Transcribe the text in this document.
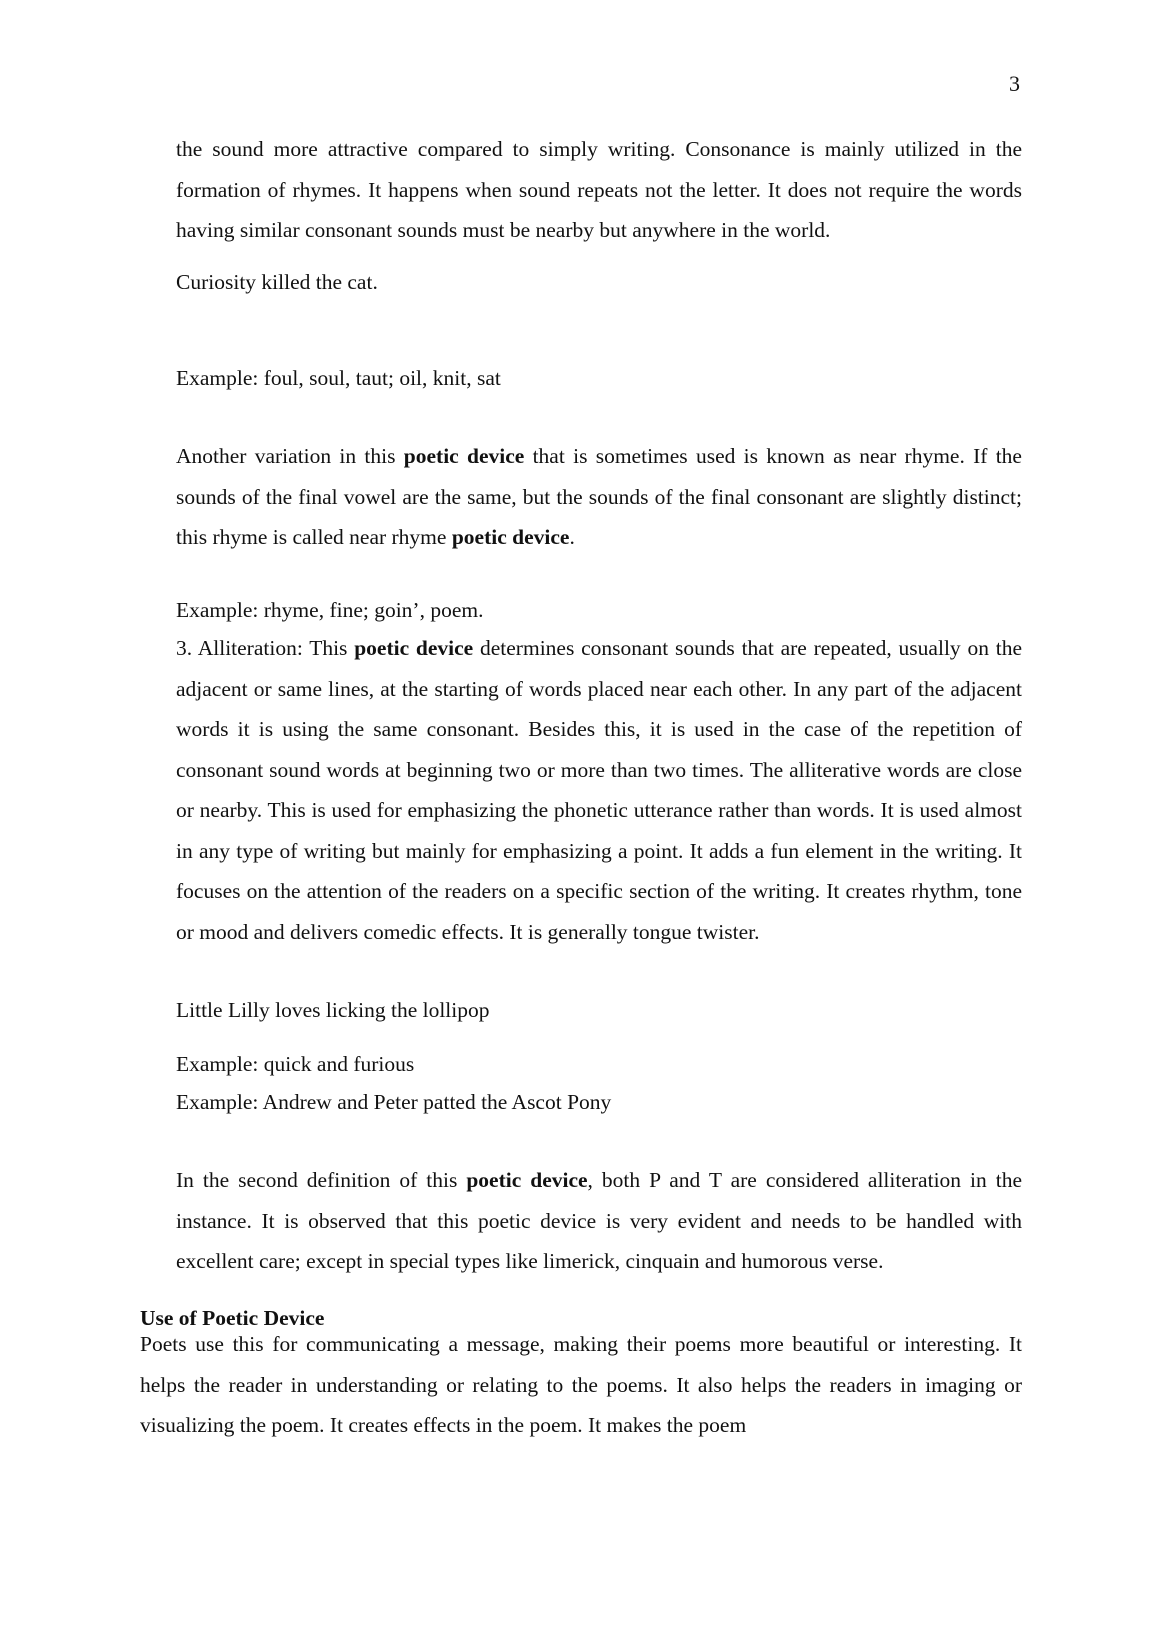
3

the sound more attractive compared to simply writing. Consonance is mainly utilized in the formation of rhymes. It happens when sound repeats not the letter. It does not require the words having similar consonant sounds must be nearby but anywhere in the world.

Curiosity killed the cat.

Example: foul, soul, taut; oil, knit, sat

Another variation in this poetic device that is sometimes used is known as near rhyme. If the sounds of the final vowel are the same, but the sounds of the final consonant are slightly distinct; this rhyme is called near rhyme poetic device.

Example: rhyme, fine; goin’, poem.

3. Alliteration: This poetic device determines consonant sounds that are repeated, usually on the adjacent or same lines, at the starting of words placed near each other. In any part of the adjacent words it is using the same consonant. Besides this, it is used in the case of the repetition of consonant sound words at beginning two or more than two times. The alliterative words are close or nearby. This is used for emphasizing the phonetic utterance rather than words. It is used almost in any type of writing but mainly for emphasizing a point. It adds a fun element in the writing. It focuses on the attention of the readers on a specific section of the writing. It creates rhythm, tone or mood and delivers comedic effects. It is generally tongue twister.

Little Lilly loves licking the lollipop

Example: quick and furious

Example: Andrew and Peter patted the Ascot Pony

In the second definition of this poetic device, both P and T are considered alliteration in the instance. It is observed that this poetic device is very evident and needs to be handled with excellent care; except in special types like limerick, cinquain and humorous verse.

Use of Poetic Device

Poets use this for communicating a message, making their poems more beautiful or interesting. It helps the reader in understanding or relating to the poems. It also helps the readers in imaging or visualizing the poem. It creates effects in the poem. It makes the poem
